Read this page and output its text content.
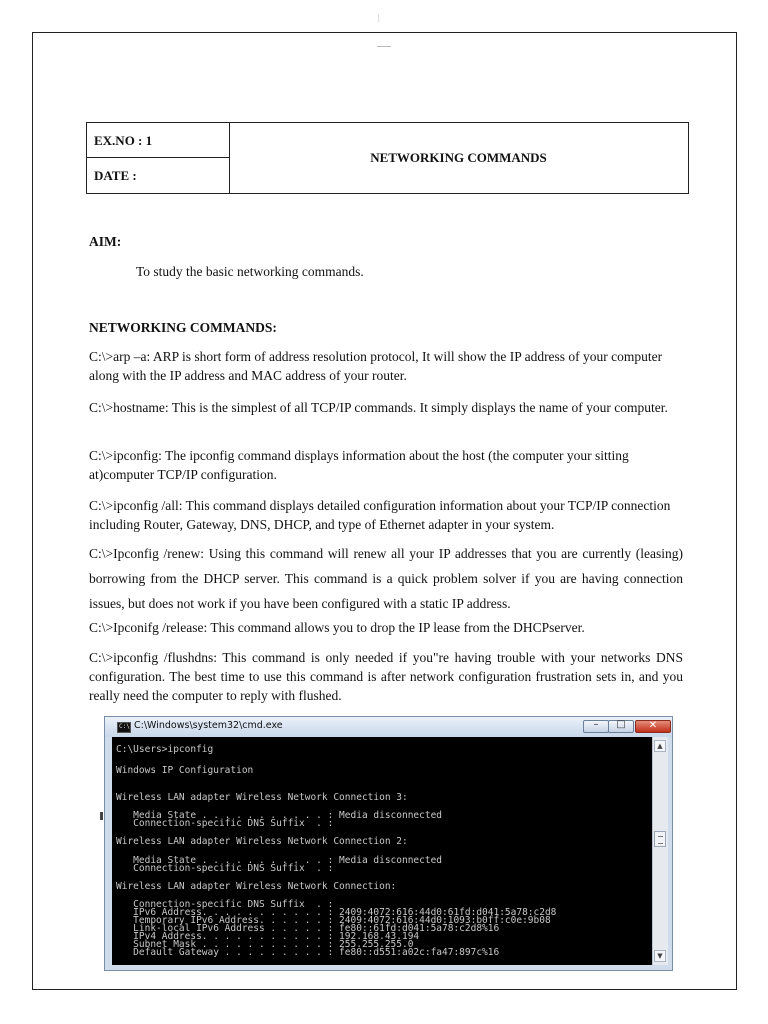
EX.NO : 1
DATE :
NETWORKING COMMANDS
AIM:
To study the basic networking commands.
NETWORKING COMMANDS:
C:\>arp –a: ARP is short form of address resolution protocol, It will show the IP address of your computer along with the IP address and MAC address of your router.
C:\>hostname: This is the simplest of all TCP/IP commands. It simply displays the name of your computer.
C:\>ipconfig: The ipconfig command displays information about the host (the computer your sitting at)computer TCP/IP configuration.
C:\>ipconfig /all: This command displays detailed configuration information about your TCP/IP connection including Router, Gateway, DNS, DHCP, and type of Ethernet adapter in your system.
C:\>Ipconfig /renew: Using this command will renew all your IP addresses that you are currently (leasing) borrowing from the DHCP server. This command is a quick problem solver if you are having connection issues, but does not work if you have been configured with a static IP address.
C:\>Ipconifg /release: This command allows you to drop the IP lease from the DHCPserver.
C:\>ipconfig /flushdns: This command is only needed if you"re having trouble with your networks DNS configuration. The best time to use this command is after network configuration frustration sets in, and you really need the computer to reply with flushed.
C:\ C:\Windows\system32\cmd.exe	–	□	✕
C:\Users>ipconfig
Windows IP Configuration
Wireless LAN adapter Wireless Network Connection 3:
Media State . . . . . . . . . . . : Media disconnected
Connection-specific DNS Suffix  . :
Wireless LAN adapter Wireless Network Connection 2:
Media State . . . . . . . . . . . : Media disconnected
Connection-specific DNS Suffix  . :
Wireless LAN adapter Wireless Network Connection:
Connection-specific DNS Suffix  . :
IPv6 Address. . . . . . . . . . . : 2409:4072:616:44d0:61fd:d041:5a78:c2d8
Temporary IPv6 Address. . . . . . : 2409:4072:616:44d0:1093:b0ff:c0e:9b08
Link-local IPv6 Address . . . . . : fe80::61fd:d041:5a78:c2d8%16
IPv4 Address. . . . . . . . . . . : 192.168.43.194
Subnet Mask . . . . . . . . . . . : 255.255.255.0
Default Gateway . . . . . . . . . : fe80::d551:a02c:fa47:897c%16
▲
▼
